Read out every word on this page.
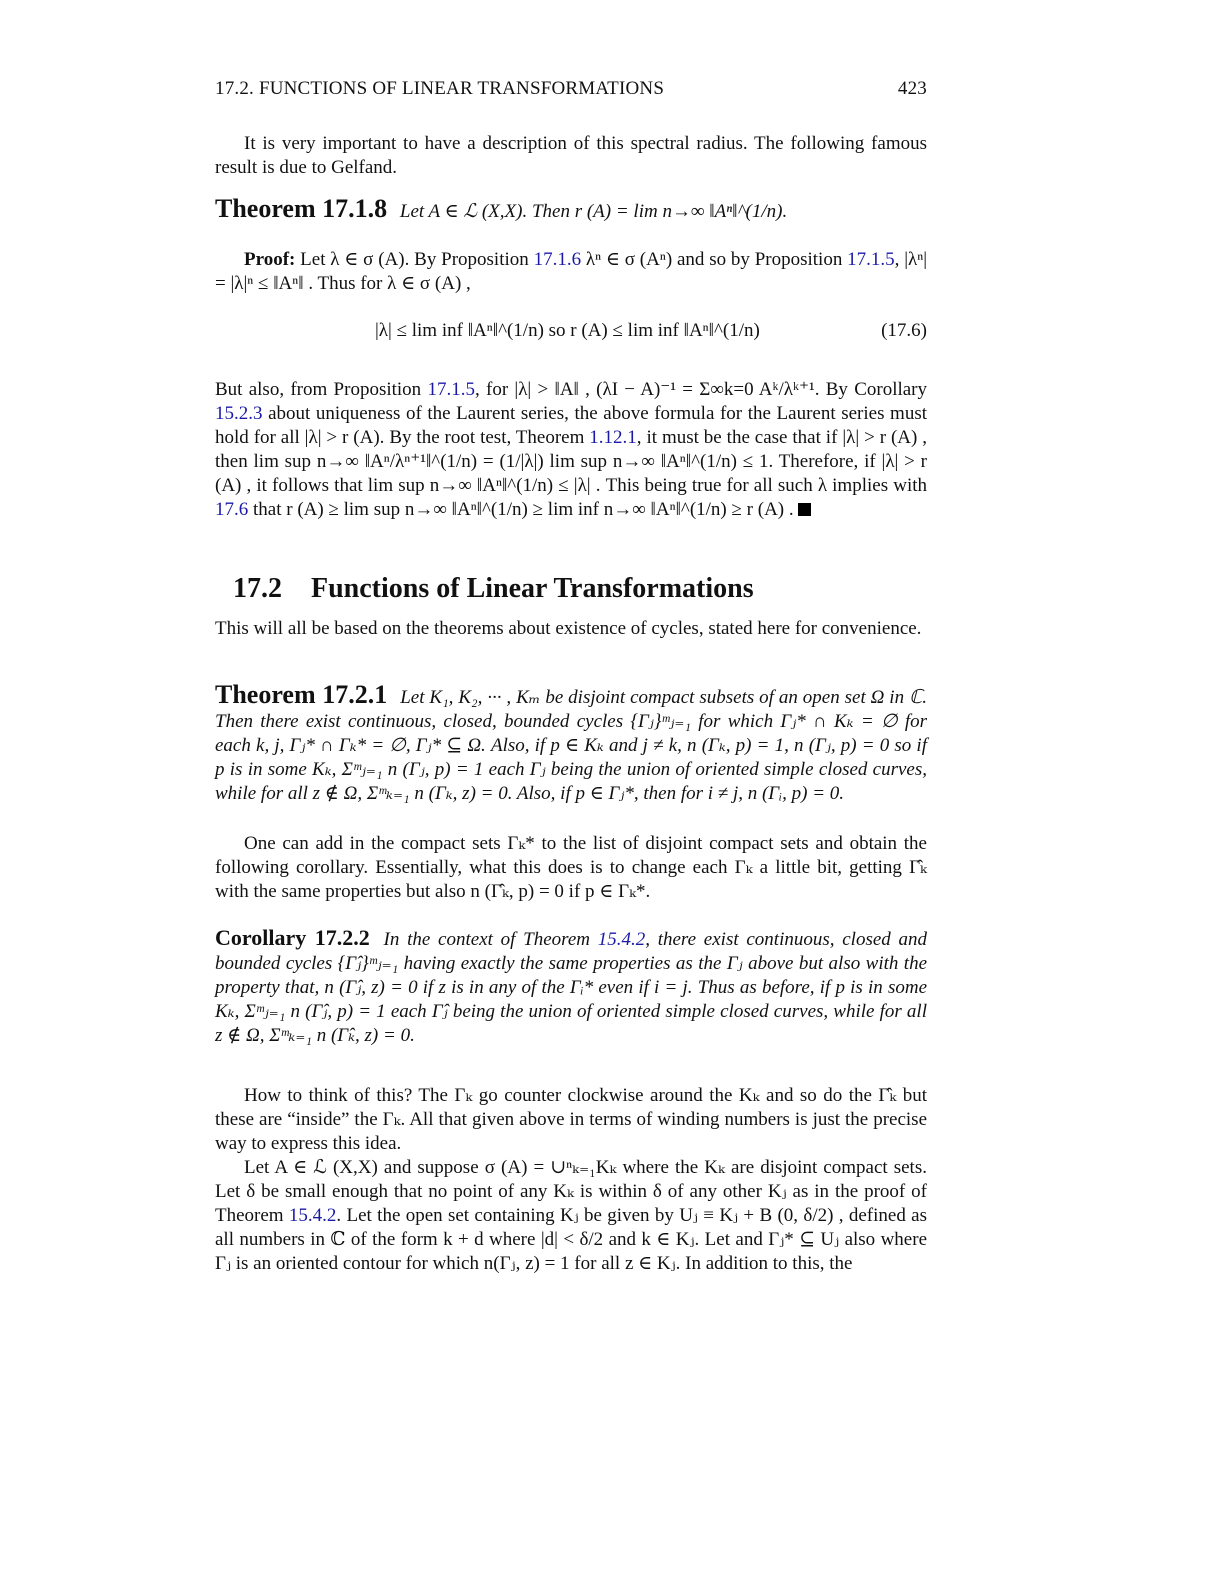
17.2. FUNCTIONS OF LINEAR TRANSFORMATIONS	423
It is very important to have a description of this spectral radius. The following famous result is due to Gelfand.
Theorem 17.1.8 Let A ∈ ℒ (X,X). Then r (A) = lim n→∞ ‖Aⁿ‖^(1/n).
Proof: Let λ ∈ σ (A). By Proposition 17.1.6 λⁿ ∈ σ (Aⁿ) and so by Proposition 17.1.5, |λⁿ| = |λ|ⁿ ≤ ‖Aⁿ‖ . Thus for λ ∈ σ (A) ,
|λ| ≤ lim inf ‖Aⁿ‖^(1/n) so r (A) ≤ lim inf ‖Aⁿ‖^(1/n)	(17.6)
But also, from Proposition 17.1.5, for |λ| > ‖A‖ , (λI − A)⁻¹ = Σ∞k=0 Aᵏ/λᵏ⁺¹. By Corollary 15.2.3 about uniqueness of the Laurent series, the above formula for the Laurent series must hold for all |λ| > r (A). By the root test, Theorem 1.12.1, it must be the case that if |λ| > r (A) , then lim sup n→∞ ‖Aⁿ/λⁿ⁺¹‖^(1/n) = (1/|λ|) lim sup n→∞ ‖Aⁿ‖^(1/n) ≤ 1. Therefore, if |λ| > r (A) , it follows that lim sup n→∞ ‖Aⁿ‖^(1/n) ≤ |λ| . This being true for all such λ implies with 17.6 that r (A) ≥ lim sup n→∞ ‖Aⁿ‖^(1/n) ≥ lim inf n→∞ ‖Aⁿ‖^(1/n) ≥ r (A) .
17.2 Functions of Linear Transformations
This will all be based on the theorems about existence of cycles, stated here for convenience.
Theorem 17.2.1 Let K₁, K₂, ··· , Kₘ be disjoint compact subsets of an open set Ω in ℂ. Then there exist continuous, closed, bounded cycles {Γⱼ}ᵐⱼ₌₁ for which Γⱼ* ∩ Kₖ = ∅ for each k, j, Γⱼ* ∩ Γₖ* = ∅, Γⱼ* ⊆ Ω. Also, if p ∈ Kₖ and j ≠ k, n (Γₖ, p) = 1, n (Γⱼ, p) = 0 so if p is in some Kₖ, Σᵐⱼ₌₁ n (Γⱼ, p) = 1 each Γⱼ being the union of oriented simple closed curves, while for all z ∉ Ω, Σᵐₖ₌₁ n (Γₖ, z) = 0. Also, if p ∈ Γⱼ*, then for i ≠ j, n (Γᵢ, p) = 0.
One can add in the compact sets Γₖ* to the list of disjoint compact sets and obtain the following corollary. Essentially, what this does is to change each Γₖ a little bit, getting Γ̂ₖ with the same properties but also n (Γ̂ₖ, p) = 0 if p ∈ Γₖ*.
Corollary 17.2.2 In the context of Theorem 15.4.2, there exist continuous, closed and bounded cycles {Γ̂ⱼ}ᵐⱼ₌₁ having exactly the same properties as the Γⱼ above but also with the property that, n (Γ̂ⱼ, z) = 0 if z is in any of the Γᵢ* even if i = j. Thus as before, if p is in some Kₖ, Σᵐⱼ₌₁ n (Γ̂ⱼ, p) = 1 each Γ̂ⱼ being the union of oriented simple closed curves, while for all z ∉ Ω, Σᵐₖ₌₁ n (Γ̂ₖ, z) = 0.
How to think of this? The Γₖ go counter clockwise around the Kₖ and so do the Γ̂ₖ but these are “inside” the Γₖ. All that given above in terms of winding numbers is just the precise way to express this idea.
Let A ∈ ℒ (X,X) and suppose σ (A) = ∪ⁿₖ₌₁Kₖ where the Kₖ are disjoint compact sets. Let δ be small enough that no point of any Kₖ is within δ of any other Kⱼ as in the proof of Theorem 15.4.2. Let the open set containing Kⱼ be given by Uⱼ ≡ Kⱼ + B (0, δ/2) , defined as all numbers in ℂ of the form k + d where |d| < δ/2 and k ∈ Kⱼ. Let and Γⱼ* ⊆ Uⱼ also where Γⱼ is an oriented contour for which n(Γⱼ, z) = 1 for all z ∈ Kⱼ. In addition to this, the
